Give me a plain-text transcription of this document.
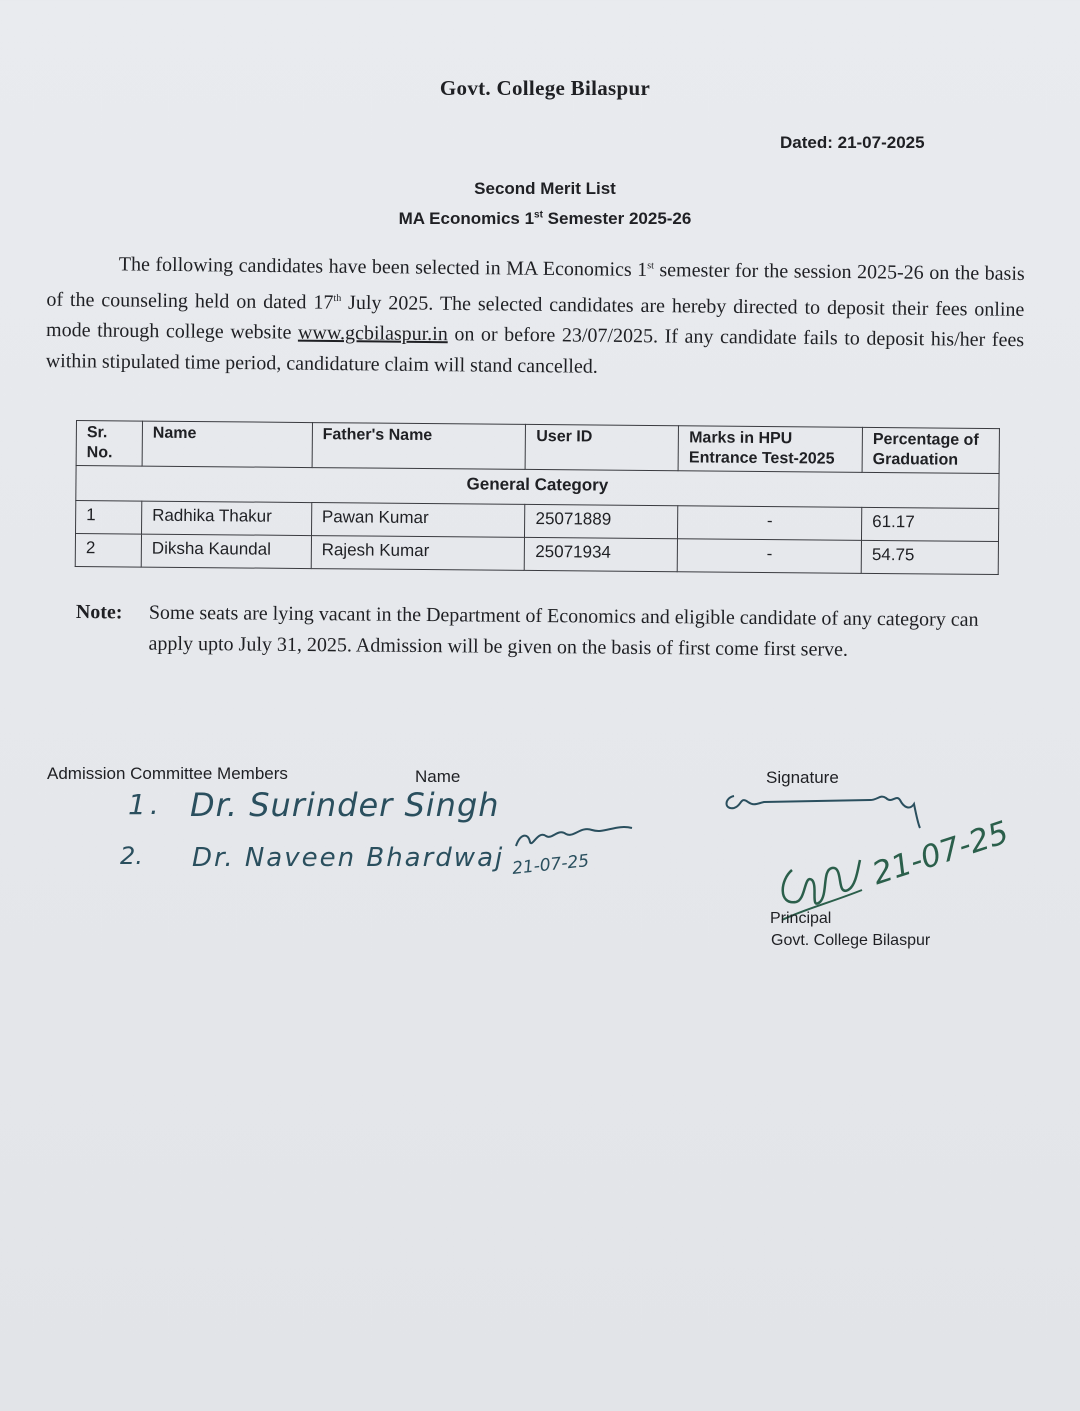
Govt. College Bilaspur
Dated: 21-07-2025
Second Merit List
MA Economics 1st Semester 2025-26
The following candidates have been selected in MA Economics 1st semester for the session 2025-26 on the basis of the counseling held on dated 17th July 2025. The selected candidates are hereby directed to deposit their fees online mode through college website www.gcbilaspur.in on or before 23/07/2025. If any candidate fails to deposit his/her fees within stipulated time period, candidature claim will stand cancelled.
Sr. No.	Name	Father's Name	User ID	Marks in HPU Entrance Test-2025	Percentage of Graduation
General Category					
1	Radhika Thakur	Pawan Kumar	25071889	-	61.17
2	Diksha Kaundal	Rajesh Kumar	25071934	-	54.75
Note: Some seats are lying vacant in the Department of Economics and eligible candidate of any category can apply upto July 31, 2025. Admission will be given on the basis of first come first serve.
Admission Committee Members	Name	Signature
1. Dr. Surinder Singh
2. Dr. Naveen Bhardwaj 21-07-25	21-07-25
Principal
Govt. College Bilaspur
